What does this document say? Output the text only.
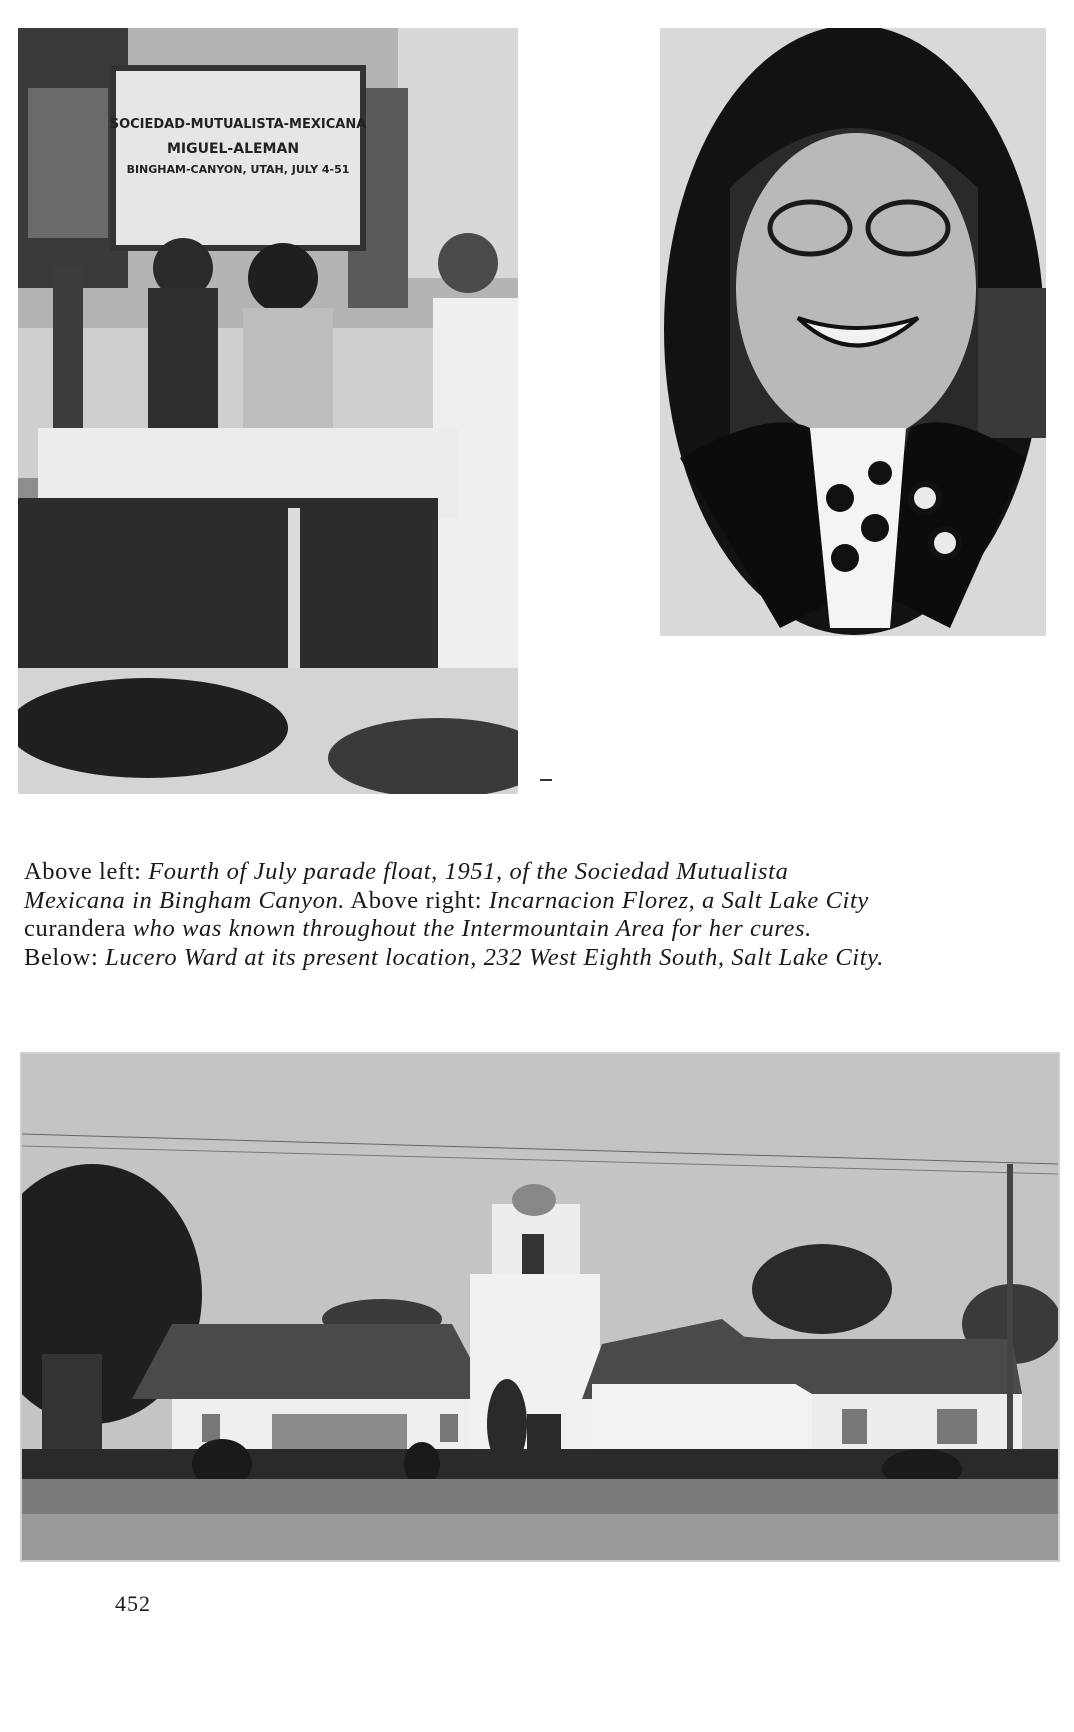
SOCIEDAD-MUTUALISTA-MEXICANA
MIGUEL-ALEMAN
BINGHAM-CANYON, UTAH, JULY 4-51

Above left: Fourth of July parade float, 1951, of the Sociedad Mutualista Mexicana in Bingham Canyon. Above right: Incarnacion Florez, a Salt Lake City curandera who was known throughout the Intermountain Area for her cures. Below: Lucero Ward at its present location, 232 West Eighth South, Salt Lake City.

452
